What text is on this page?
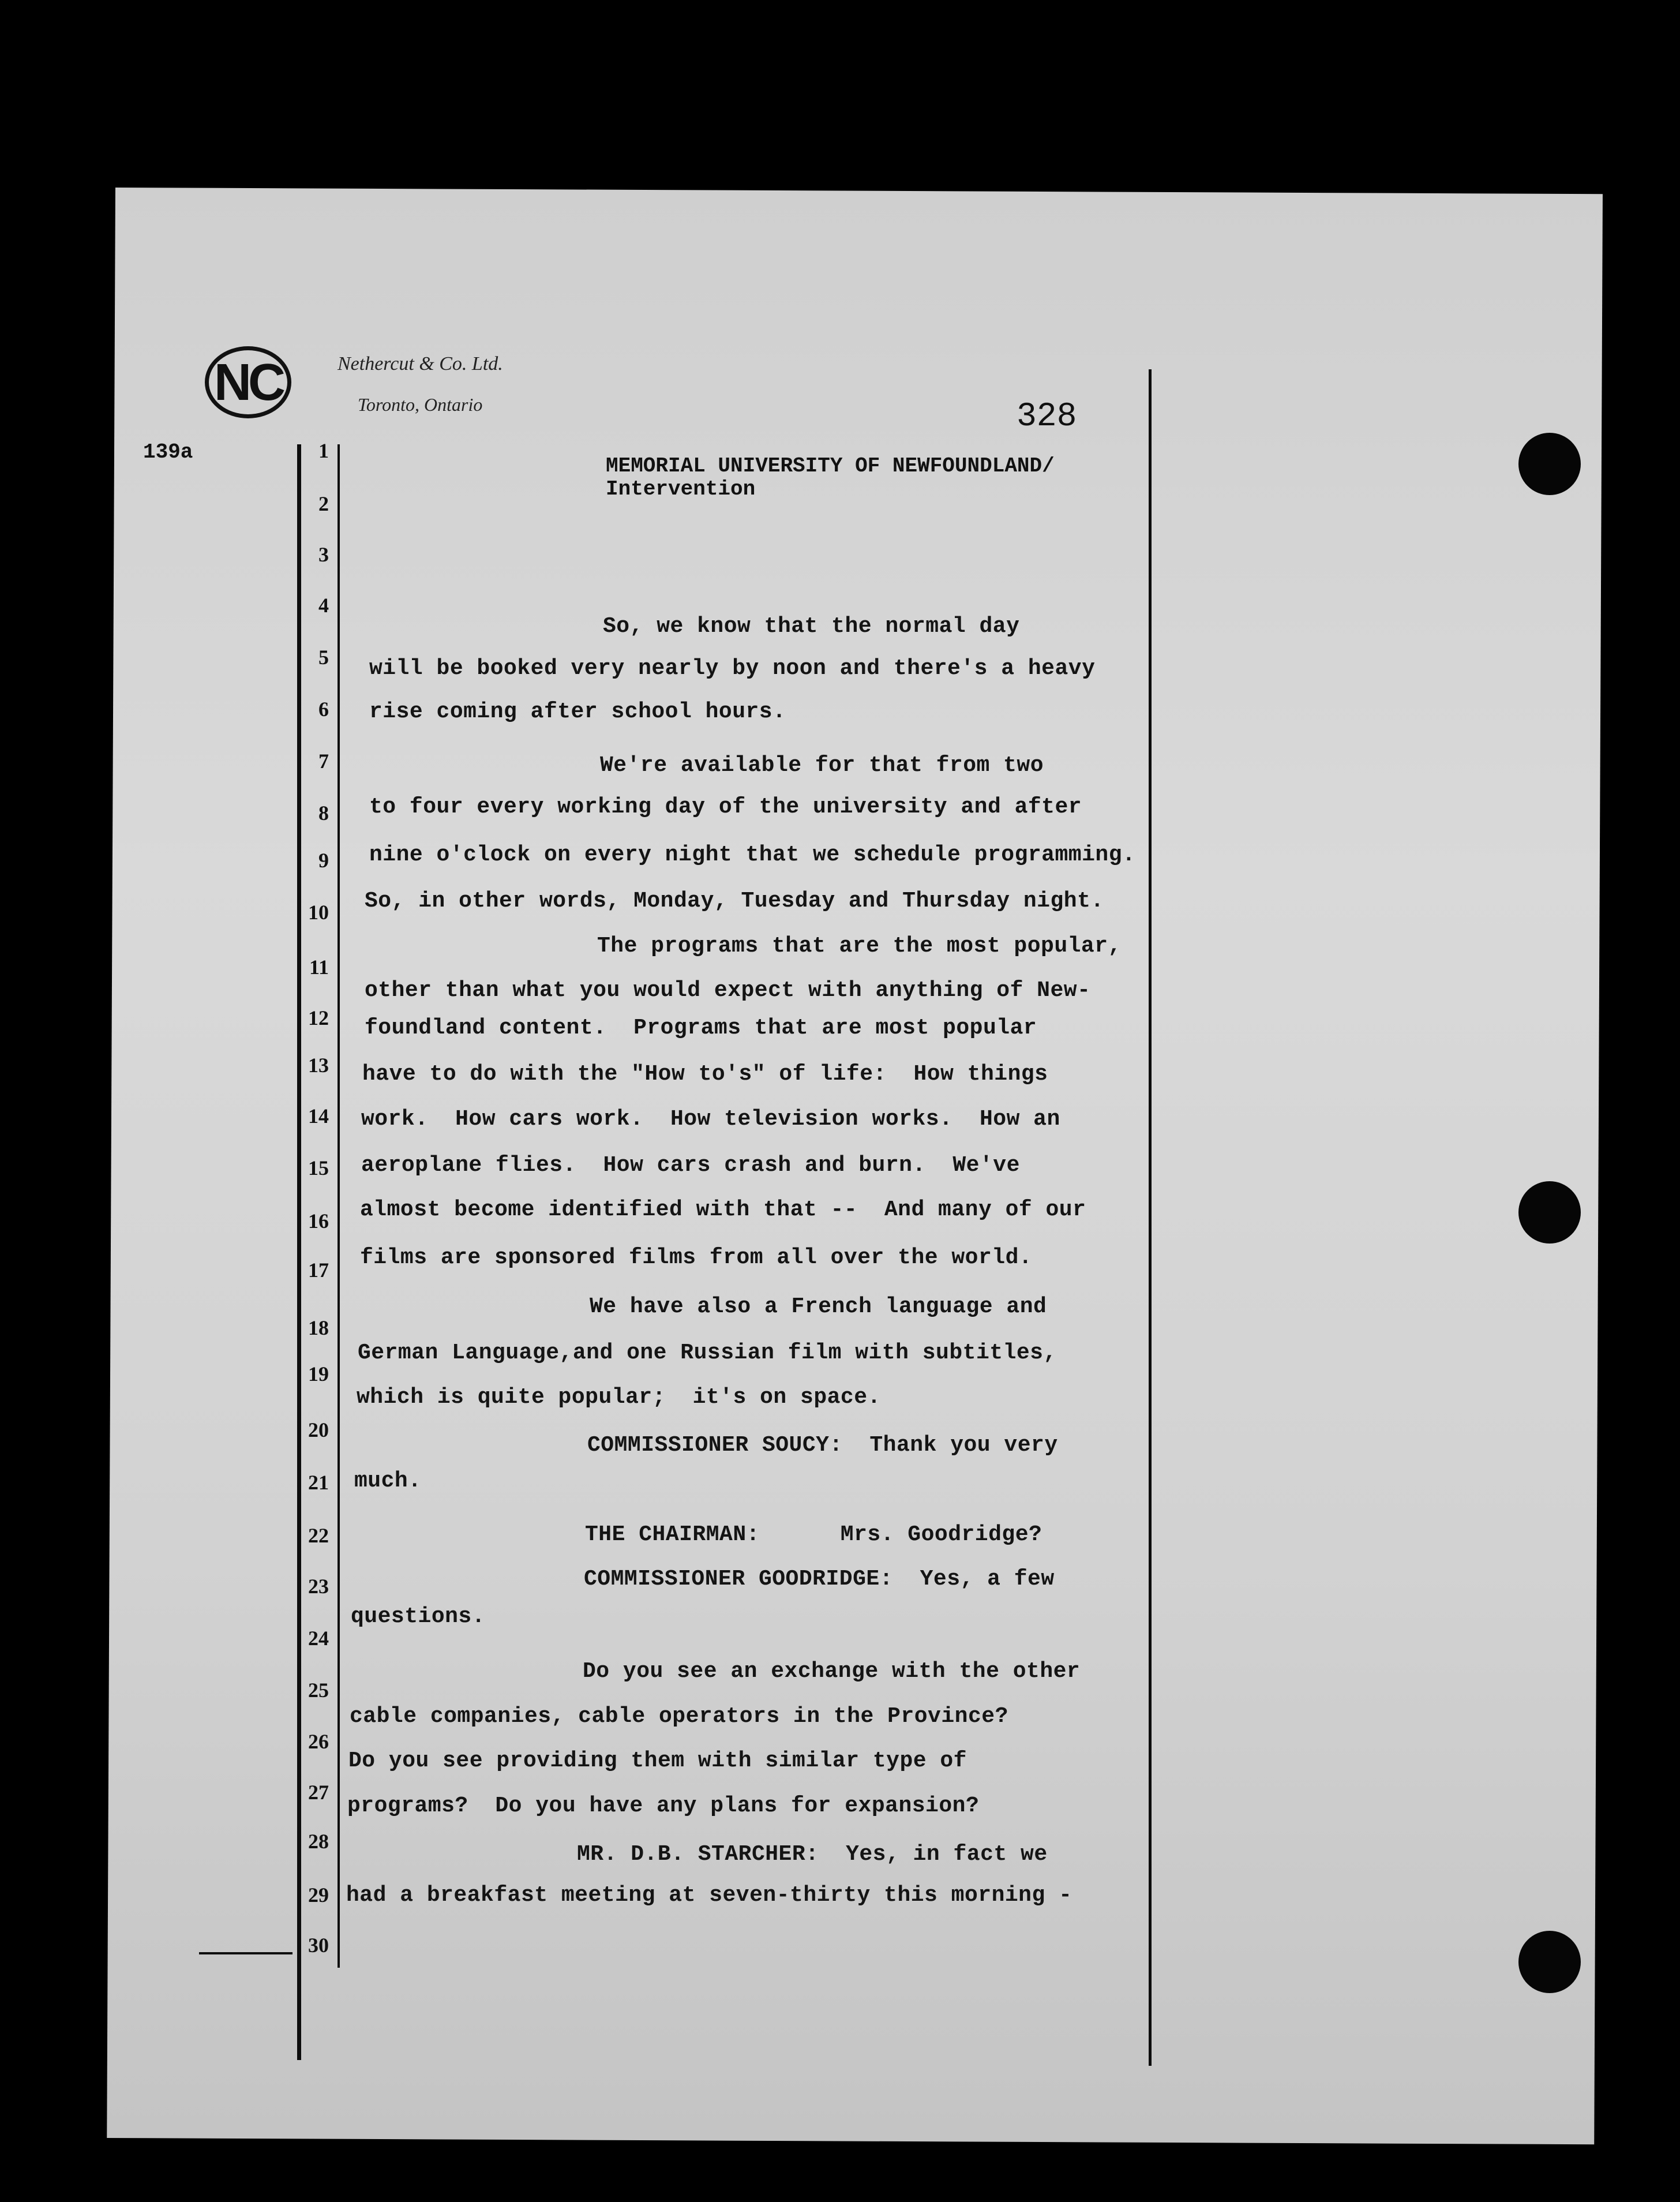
NC	Nethercut & Co. Ltd.
Toronto, Ontario	328
139a
MEMORIAL UNIVERSITY OF NEWFOUNDLAND/
Intervention
1
2
3
4
5
6
7
8
9
10
11
12
13
14
15
16
17
18
19
20
21
22
23
24
25
26
27
28
29
30
So, we know that the normal day
will be booked very nearly by noon and there's a heavy
rise coming after school hours.
We're available for that from two
to four every working day of the university and after
nine o'clock on every night that we schedule programming.
So, in other words, Monday, Tuesday and Thursday night.
The programs that are the most popular,
other than what you would expect with anything of New-
foundland content.  Programs that are most popular
have to do with the "How to's" of life:  How things
work.  How cars work.  How television works.  How an
aeroplane flies.  How cars crash and burn.  We've
almost become identified with that --  And many of our
films are sponsored films from all over the world.
We have also a French language and
German Language,and one Russian film with subtitles,
which is quite popular;  it's on space.
COMMISSIONER SOUCY:  Thank you very
much.
THE CHAIRMAN:      Mrs. Goodridge?
COMMISSIONER GOODRIDGE:  Yes, a few
questions.
Do you see an exchange with the other
cable companies, cable operators in the Province?
Do you see providing them with similar type of
programs?  Do you have any plans for expansion?
MR. D.B. STARCHER:  Yes, in fact we
had a breakfast meeting at seven-thirty this morning -
